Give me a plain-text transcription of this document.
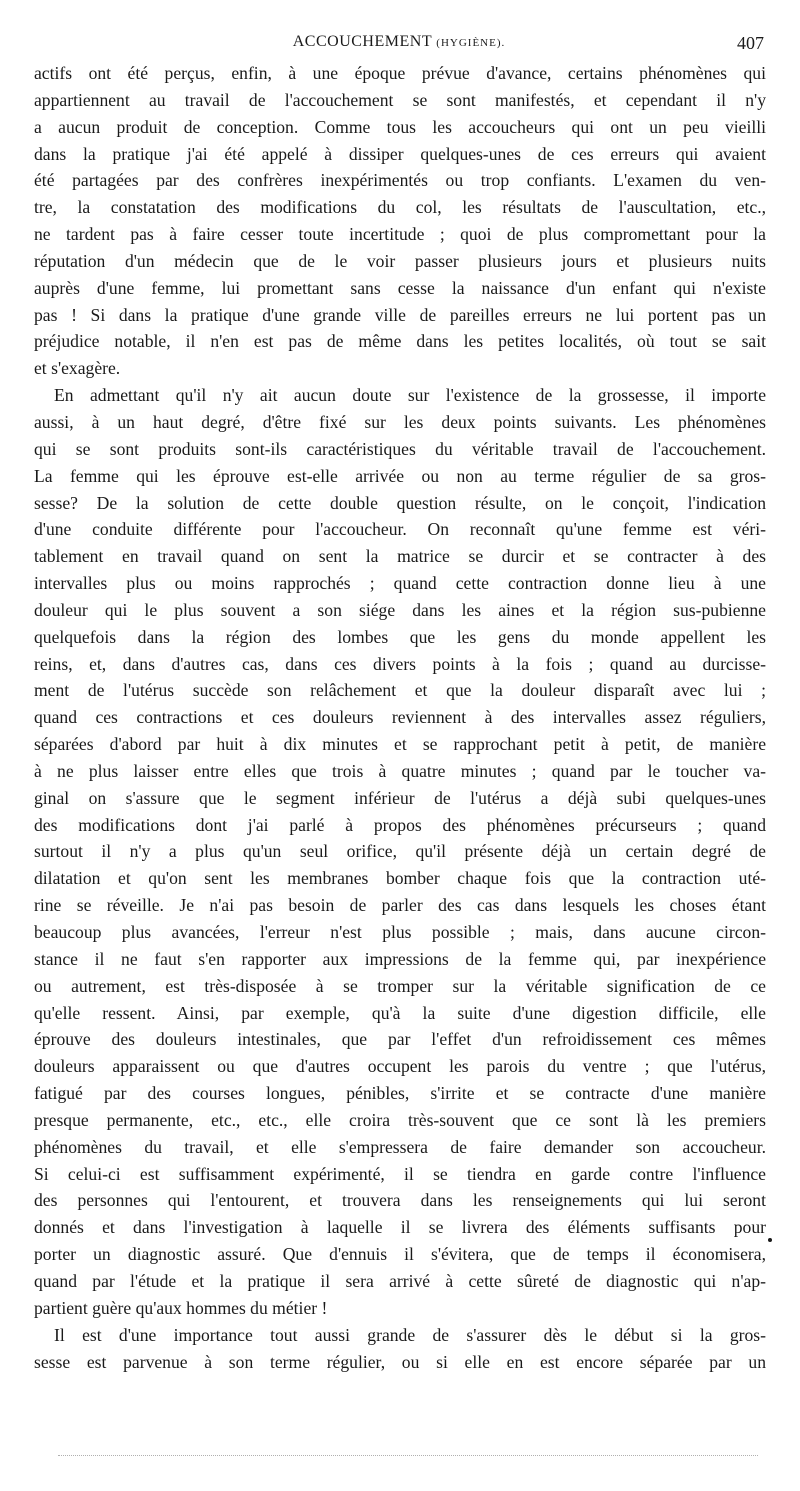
ACCOUCHEMENT (HYGIÈNE).	407
actifs ont été perçus, enfin, à une époque prévue d'avance, certains phénomènes qui
appartiennent au travail de l'accouchement se sont manifestés, et cependant il n'y
a aucun produit de conception. Comme tous les accoucheurs qui ont un peu vieilli
dans la pratique j'ai été appelé à dissiper quelques-unes de ces erreurs qui avaient
été partagées par des confrères inexpérimentés ou trop confiants. L'examen du ven-
tre, la constatation des modifications du col, les résultats de l'auscultation, etc.,
ne tardent pas à faire cesser toute incertitude ; quoi de plus compromettant pour la
réputation d'un médecin que de le voir passer plusieurs jours et plusieurs nuits
auprès d'une femme, lui promettant sans cesse la naissance d'un enfant qui n'existe
pas ! Si dans la pratique d'une grande ville de pareilles erreurs ne lui portent pas un
préjudice notable, il n'en est pas de même dans les petites localités, où tout se sait
et s'exagère.
En admettant qu'il n'y ait aucun doute sur l'existence de la grossesse, il importe
aussi, à un haut degré, d'être fixé sur les deux points suivants. Les phénomènes
qui se sont produits sont-ils caractéristiques du véritable travail de l'accouchement.
La femme qui les éprouve est-elle arrivée ou non au terme régulier de sa gros-
sesse? De la solution de cette double question résulte, on le conçoit, l'indication
d'une conduite différente pour l'accoucheur. On reconnaît qu'une femme est véri-
tablement en travail quand on sent la matrice se durcir et se contracter à des
intervalles plus ou moins rapprochés ; quand cette contraction donne lieu à une
douleur qui le plus souvent a son siége dans les aines et la région sus-pubienne
quelquefois dans la région des lombes que les gens du monde appellent les
reins, et, dans d'autres cas, dans ces divers points à la fois ; quand au durcisse-
ment de l'utérus succède son relâchement et que la douleur disparaît avec lui ;
quand ces contractions et ces douleurs reviennent à des intervalles assez réguliers,
séparées d'abord par huit à dix minutes et se rapprochant petit à petit, de manière
à ne plus laisser entre elles que trois à quatre minutes ; quand par le toucher va-
ginal on s'assure que le segment inférieur de l'utérus a déjà subi quelques-unes
des modifications dont j'ai parlé à propos des phénomènes précurseurs ; quand
surtout il n'y a plus qu'un seul orifice, qu'il présente déjà un certain degré de
dilatation et qu'on sent les membranes bomber chaque fois que la contraction uté-
rine se réveille. Je n'ai pas besoin de parler des cas dans lesquels les choses étant
beaucoup plus avancées, l'erreur n'est plus possible ; mais, dans aucune circon-
stance il ne faut s'en rapporter aux impressions de la femme qui, par inexpérience
ou autrement, est très-disposée à se tromper sur la véritable signification de ce
qu'elle ressent. Ainsi, par exemple, qu'à la suite d'une digestion difficile, elle
éprouve des douleurs intestinales, que par l'effet d'un refroidissement ces mêmes
douleurs apparaissent ou que d'autres occupent les parois du ventre ; que l'utérus,
fatigué par des courses longues, pénibles, s'irrite et se contracte d'une manière
presque permanente, etc., etc., elle croira très-souvent que ce sont là les premiers
phénomènes du travail, et elle s'empressera de faire demander son accoucheur.
Si celui-ci est suffisamment expérimenté, il se tiendra en garde contre l'influence
des personnes qui l'entourent, et trouvera dans les renseignements qui lui seront
donnés et dans l'investigation à laquelle il se livrera des éléments suffisants pour
porter un diagnostic assuré. Que d'ennuis il s'évitera, que de temps il économisera,
quand par l'étude et la pratique il sera arrivé à cette sûreté de diagnostic qui n'ap-
partient guère qu'aux hommes du métier !
Il est d'une importance tout aussi grande de s'assurer dès le début si la gros-
sesse est parvenue à son terme régulier, ou si elle en est encore séparée par un
